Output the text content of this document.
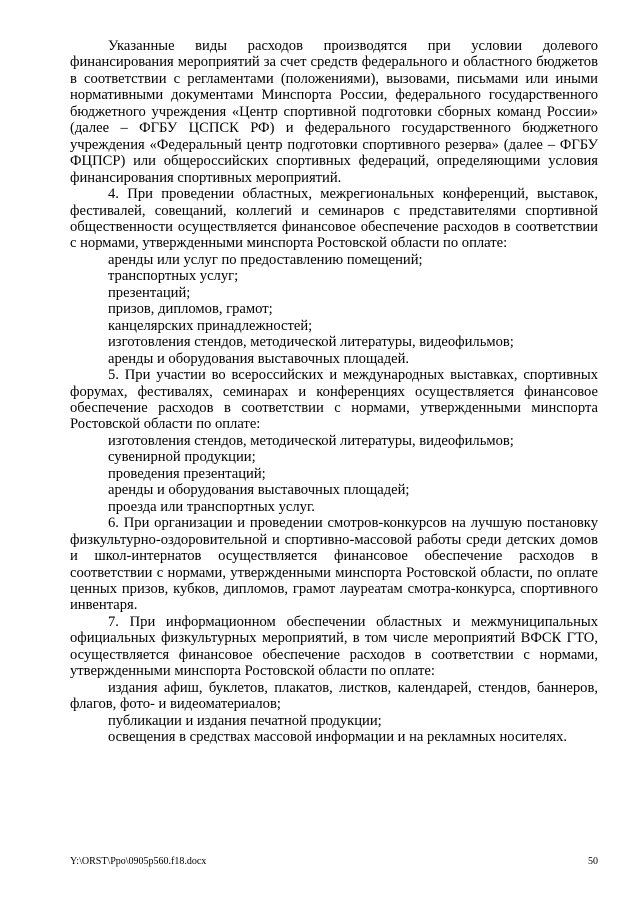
Указанные виды расходов производятся при условии долевого финансирования мероприятий за счет средств федерального и областного бюджетов в соответствии с регламентами (положениями), вызовами, письмами или иными нормативными документами Минспорта России, федерального государственного бюджетного учреждения «Центр спортивной подготовки сборных команд России» (далее – ФГБУ ЦСПСК РФ) и федерального государственного бюджетного учреждения «Федеральный центр подготовки спортивного резерва» (далее – ФГБУ ФЦПСР) или общероссийских спортивных федераций, определяющими условия финансирования спортивных мероприятий.

4. При проведении областных, межрегиональных конференций, выставок, фестивалей, совещаний, коллегий и семинаров с представителями спортивной общественности осуществляется финансовое обеспечение расходов в соответствии с нормами, утвержденными минспорта Ростовской области по оплате:

аренды или услуг по предоставлению помещений;

транспортных услуг;

презентаций;

призов, дипломов, грамот;

канцелярских принадлежностей;

изготовления стендов, методической литературы, видеофильмов;

аренды и оборудования выставочных площадей.

5. При участии во всероссийских и международных выставках, спортивных форумах, фестивалях, семинарах и конференциях осуществляется финансовое обеспечение расходов в соответствии с нормами, утвержденными минспорта Ростовской области по оплате:

изготовления стендов, методической литературы, видеофильмов;

сувенирной продукции;

проведения презентаций;

аренды и оборудования выставочных площадей;

проезда или транспортных услуг.

6. При организации и проведении смотров-конкурсов на лучшую постановку физкультурно-оздоровительной и спортивно-массовой работы среди детских домов и школ-интернатов осуществляется финансовое обеспечение расходов в соответствии с нормами, утвержденными минспорта Ростовской области, по оплате ценных призов, кубков, дипломов, грамот лауреатам смотра-конкурса, спортивного инвентаря.

7. При информационном обеспечении областных и межмуниципальных официальных физкультурных мероприятий, в том числе мероприятий ВФСК ГТО, осуществляется финансовое обеспечение расходов в соответствии с нормами, утвержденными минспорта Ростовской области по оплате:

издания афиш, буклетов, плакатов, листков, календарей, стендов, баннеров, флагов, фото- и видеоматериалов;

публикации и издания печатной продукции;

освещения в средствах массовой информации и на рекламных носителях.

Y:\ORST\Ppo\0905p560.f18.docx	50
